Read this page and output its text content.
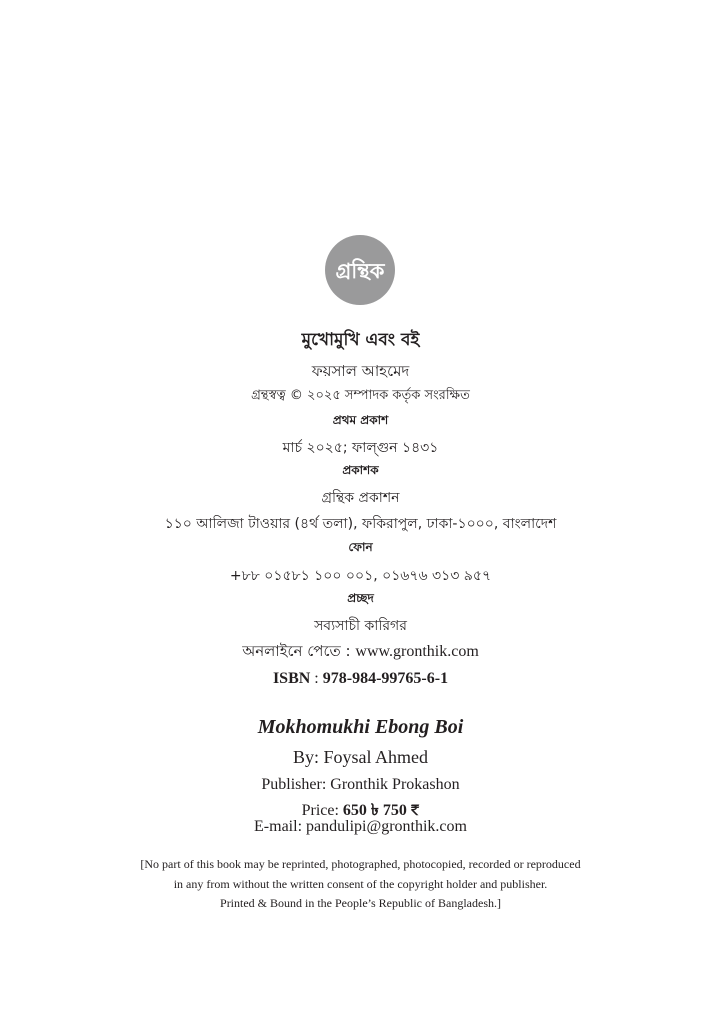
গ্রন্থিক
মুখোমুখি এবং বই
ফয়সাল আহমেদ
গ্রন্থস্বত্ব © ২০২৫ সম্পাদক কর্তৃক সংরক্ষিত
প্রথম প্রকাশ
মার্চ ২০২৫; ফাল্গুন ১৪৩১
প্রকাশক
গ্রন্থিক প্রকাশন
১১০ আলিজা টাওয়ার (৪র্থ তলা), ফকিরাপুল, ঢাকা-১০০০, বাংলাদেশ
ফোন
+৮৮ ০১৫৮১ ১০০ ০০১, ০১৬৭৬ ৩১৩ ৯৫৭
প্রচ্ছদ
সব্যসাচী কারিগর
অনলাইনে পেতে : www.gronthik.com
ISBN : 978-984-99765-6-1
Mokhomukhi Ebong Boi
By: Foysal Ahmed
Publisher: Gronthik Prokashon
Price: 650 ৳ 750 ₹
E-mail: pandulipi@gronthik.com
[No part of this book may be reprinted, photographed, photocopied, recorded or reproduced
in any from without the written consent of the copyright holder and publisher.
Printed & Bound in the People’s Republic of Bangladesh.]
